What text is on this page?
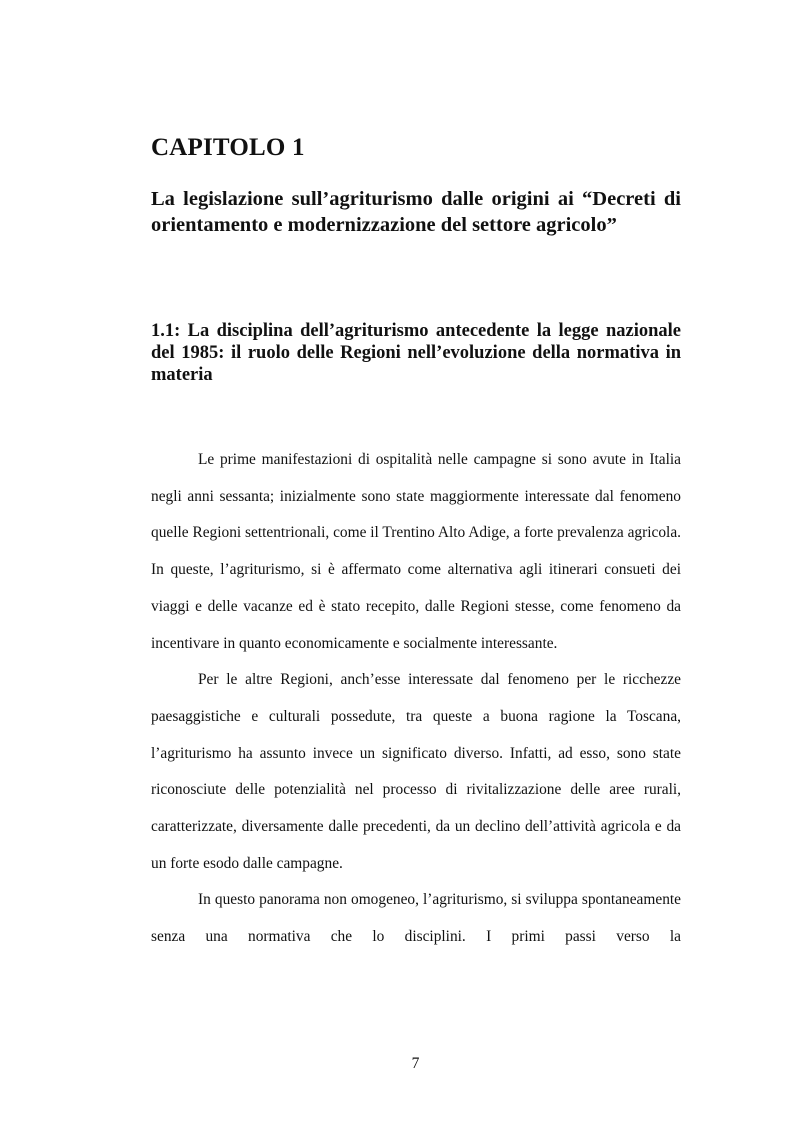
CAPITOLO 1
La legislazione sull’agriturismo dalle origini ai “Decreti di orientamento e modernizzazione del settore agricolo”
1.1: La disciplina dell’agriturismo antecedente la legge nazionale del 1985: il ruolo delle Regioni nell’evoluzione della normativa in materia

Le prime manifestazioni di ospitalità nelle campagne si sono avute in Italia negli anni sessanta; inizialmente sono state maggiormente interessate dal fenomeno quelle Regioni settentrionali, come il Trentino Alto Adige, a forte prevalenza agricola. In queste, l’agriturismo, si è affermato come alternativa agli itinerari consueti dei viaggi e delle vacanze ed è stato recepito, dalle Regioni stesse, come fenomeno da incentivare in quanto economicamente e socialmente interessante.

Per le altre Regioni, anch’esse interessate dal fenomeno per le ricchezze paesaggistiche e culturali possedute, tra queste a buona ragione la Toscana, l’agriturismo ha assunto invece un significato diverso. Infatti, ad esso, sono state riconosciute delle potenzialità nel processo di rivitalizzazione delle aree rurali, caratterizzate, diversamente dalle precedenti, da un declino dell’attività agricola e da un forte esodo dalle campagne.

In questo panorama non omogeneo, l’agriturismo, si sviluppa spontaneamente senza una normativa che lo disciplini. I primi passi verso la

7
